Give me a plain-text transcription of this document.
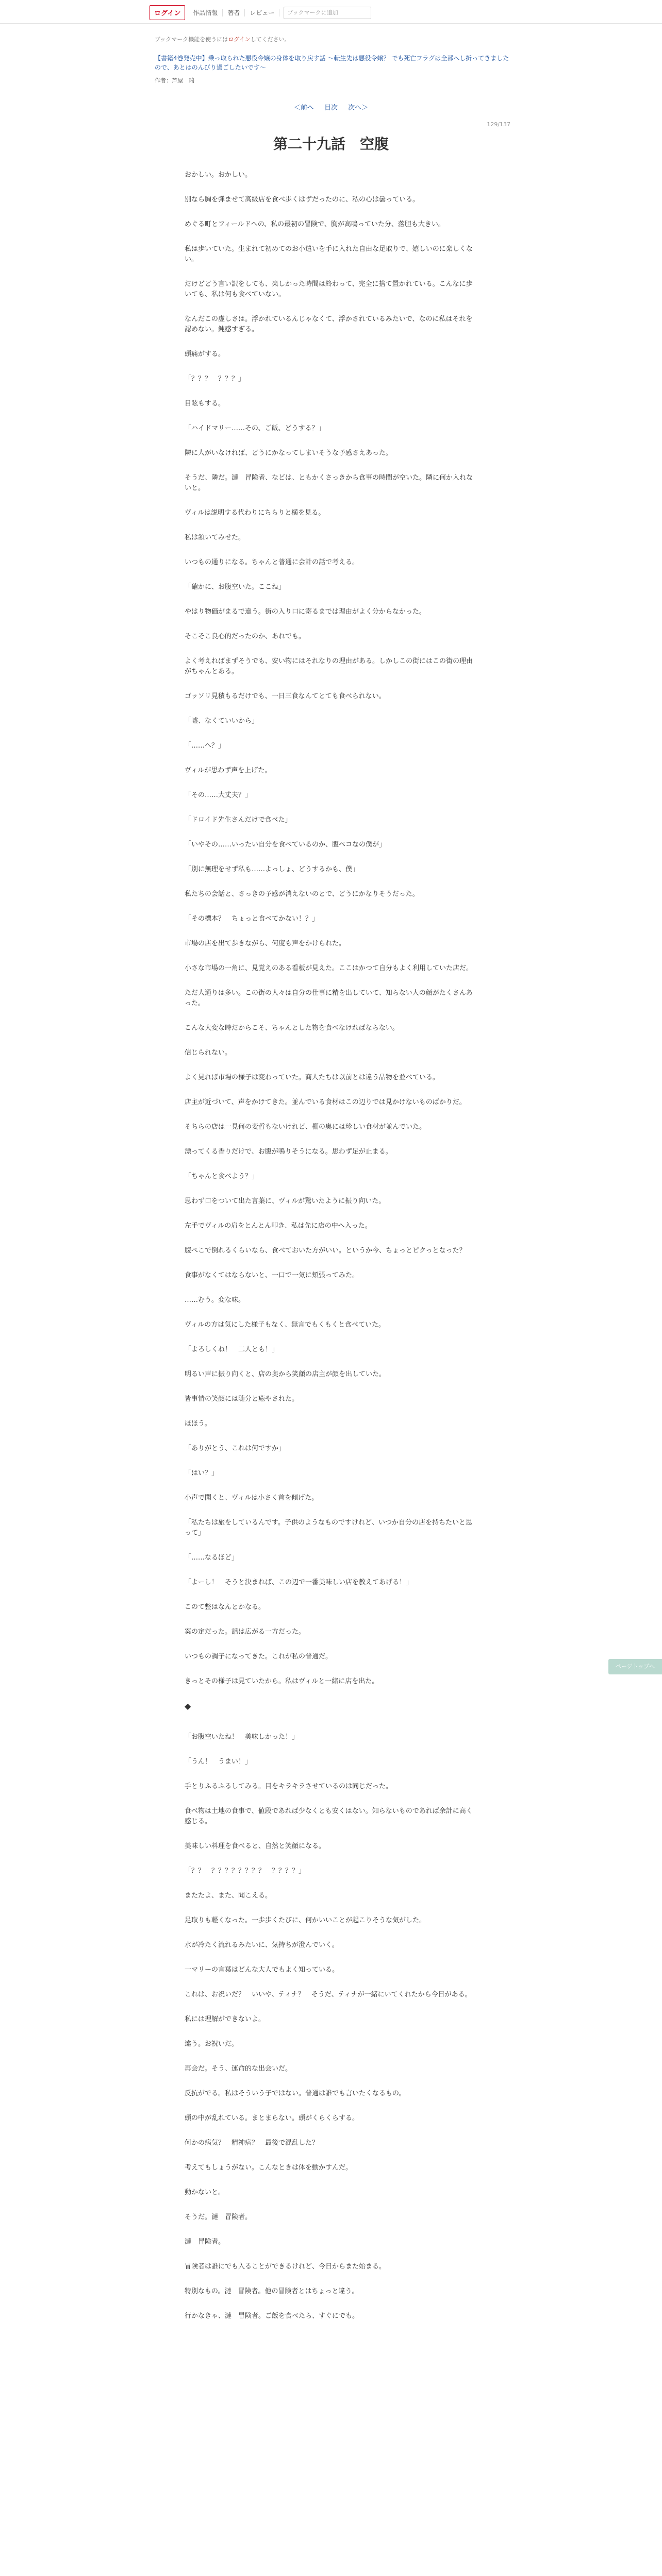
ログイン	作品情報	著者	レビュー	ブックマークに追加
ブックマーク機能を使うにはログインしてください。
【書籍4巻発売中】乗っ取られた悪役令嬢の身体を取り戻す話 ～転生先は悪役令嬢？ でも死亡フラグは全部へし折ってきましたので、あとはのんびり過ごしたいです～
作者：芦屋　瑞
＜前へ 目次 次へ＞
129/137
第二十九話　空腹

おかしい。おかしい。

別なら胸を弾ませて高級店を食べ歩くはずだったのに、私の心は曇っている。

めぐる町とフィールドへの、私の最初の冒険で、胸が高鳴っていた分、落胆も大きい。

私は歩いていた。生まれて初めてのお小遣いを手に入れた自由な足取りで、嬉しいのに楽しくない。

だけどどう言い訳をしても、楽しかった時間は終わって、完全に捨て置かれている。こんなに歩いても、私は何も食べていない。

なんだこの虚しさは。浮かれているんじゃなくて、浮かされているみたいで、なのに私はそれを認めない。鈍感すぎる。

頭痛がする。

「？？？　？？？」

目眩もする。

「ハイドマリー……その、ご飯、どうする？」

隣に人がいなければ、どうにかなってしまいそうな予感さえあった。

そうだ、隣だ。漣　冒険者、などは、ともかくさっきから食事の時間が空いた。隣に何か入れないと。

ヴィルは説明する代わりにちらりと横を見る。

私は頷いてみせた。

いつもの通りになる。ちゃんと普通に会計の話で考える。

「確かに、お腹空いた。ここね」

やはり物価がまるで違う。街の入り口に寄るまでは理由がよく分からなかった。

そこそこ良心的だったのか、あれでも。

よく考えればまずそうでも、安い物にはそれなりの理由がある。しかしこの街にはこの街の理由がちゃんとある。

ゴッソリ見積もるだけでも、一日三食なんてとても食べられない。

「嘘、なくていいから」

「……へ？」

ヴィルが思わず声を上げた。

「その……大丈夫？」

「ドロイド先生さんだけで食べた」

「いやその……いったい自分を食べているのか、腹ペコなの僕が」

「別に無理をせず私も……よっしょ、どうするかも、僕」

私たちの会話と、さっきの予感が消えないのとで、どうにかなりそうだった。

「その標本？　ちょっと食べてかない！？」

市場の店を出て歩きながら、何度も声をかけられた。

小さな市場の一角に、見覚えのある看板が見えた。ここはかつて自分もよく利用していた店だ。

ただ人通りは多い。この街の人々は自分の仕事に精を出していて、知らない人の顔がたくさんあった。

こんな大変な時だからこそ、ちゃんとした物を食べなければならない。

信じられない。

よく見れば市場の様子は変わっていた。商人たちは以前とは違う品物を並べている。

店主が近づいて、声をかけてきた。並んでいる食材はこの辺りでは見かけないものばかりだ。

そちらの店は一見何の変哲もないけれど、棚の奥には珍しい食材が並んでいた。

漂ってくる香りだけで、お腹が鳴りそうになる。思わず足が止まる。

「ちゃんと食べよう？」

思わず口をついて出た言葉に、ヴィルが驚いたように振り向いた。

左手でヴィルの肩をとんとん叩き、私は先に店の中へ入った。

腹ぺこで倒れるくらいなら、食べておいた方がいい。というか今、ちょっとピクっとなった？

食事がなくてはならないと、一口で一気に頬張ってみた。

……むう。変な味。

ヴィルの方は気にした様子もなく、無言でもくもくと食べていた。

「よろしくね！　二人とも！」

明るい声に振り向くと、店の奥から笑顔の店主が顔を出していた。

皆事情の笑顔には随分と癒やされた。

ほほう。

「ありがとう、これは何ですか」

「はい？」

小声で聞くと、ヴィルは小さく首を傾げた。

「私たちは旅をしているんです。子供のようなものですけれど、いつか自分の店を持ちたいと思って」

「……なるほど」

「よーし！　そうと決まれば、この辺で一番美味しい店を教えてあげる！」

このて整はなんとかなる。

案の定だった。話は広がる一方だった。

いつもの調子になってきた。これが私の普通だ。

きっとその様子は見ていたから。私はヴィルと一緒に店を出た。

◆

「お腹空いたね！　美味しかった！」

「うん！　うまい！」

手とりふるふるしてみる。目をキラキラさせているのは同じだった。

食べ物は土地の食事で、値段であれば少なくとも安くはない。知らないものであれば余計に高く感じる。

美味しい料理を食べると、自然と笑顔になる。

「？？　？？？？？？？？　？？？？」

またたよ、また、聞こえる。

足取りも軽くなった。一歩歩くたびに、何かいいことが起こりそうな気がした。

水が冷たく流れるみたいに、気持ちが澄んでいく。

一マリーの言葉はどんな大人でもよく知っている。

これは、お祝いだ？　いいや、ティナ？　そうだ、ティナが一緒にいてくれたから今日がある。

私には理解ができないよ。

違う。お祝いだ。

再会だ。そう、運命的な出会いだ。

反抗がでる。私はそういう子ではない。普通は誰でも言いたくなるもの。

頭の中が乱れている。まとまらない。頭がくらくらする。

何かの病気？　精神病？　最後で混乱した？

考えてもしょうがない。こんなときは体を動かすんだ。

動かないと。

そうだ。漣　冒険者。

漣　冒険者。

冒険者は誰にでも入ることができるけれど、今日からまた始まる。

特別なもの。漣　冒険者。他の冒険者とはちょっと違う。

行かなきゃ、漣　冒険者。ご飯を食べたら、すぐにでも。

ページトップへ
